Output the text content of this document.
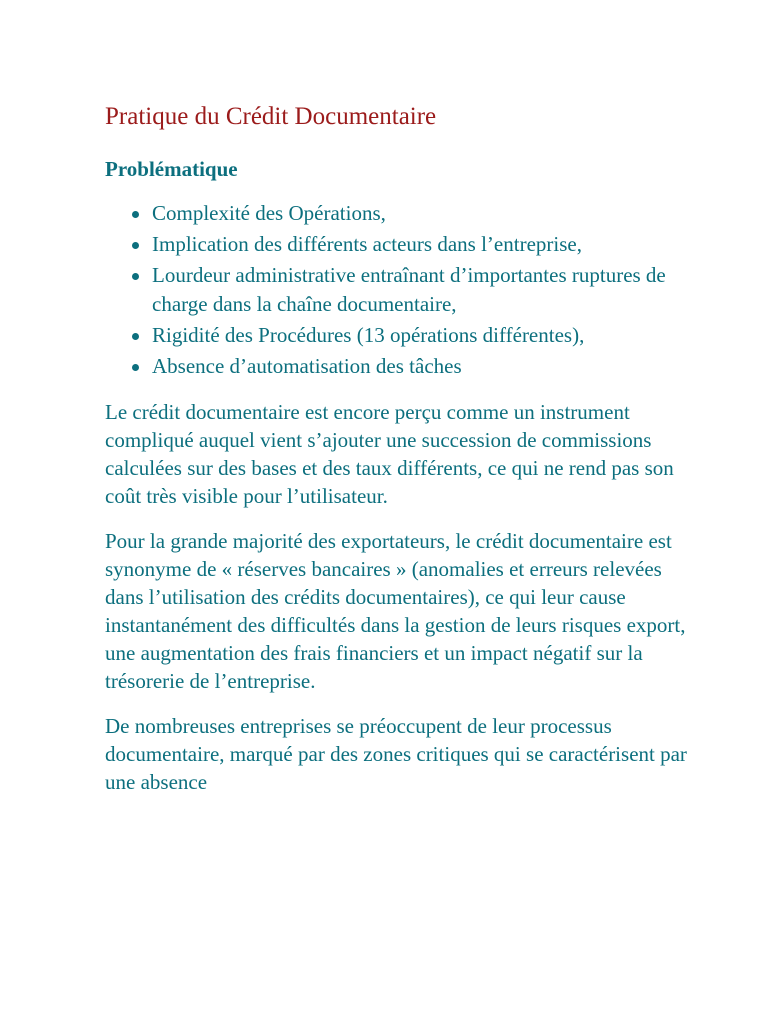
Pratique du Crédit Documentaire
Problématique
Complexité des Opérations,
Implication des différents acteurs dans l’entreprise,
Lourdeur administrative entraînant d’importantes ruptures de charge dans la chaîne documentaire,
Rigidité des Procédures (13 opérations différentes),
Absence d’automatisation des tâches

Le crédit documentaire est encore perçu comme un instrument compliqué auquel vient s’ajouter une succession de commissions calculées sur des bases et des taux différents, ce qui ne rend pas son coût très visible pour l’utilisateur.

Pour la grande majorité des exportateurs, le crédit documentaire est synonyme de « réserves bancaires » (anomalies et erreurs relevées dans l’utilisation des crédits documentaires), ce qui leur cause instantanément des difficultés dans la gestion de leurs risques export, une augmentation des frais financiers et un impact négatif sur la trésorerie de l’entreprise.

De nombreuses entreprises se préoccupent de leur processus documentaire, marqué par des zones critiques qui se caractérisent par une absence
